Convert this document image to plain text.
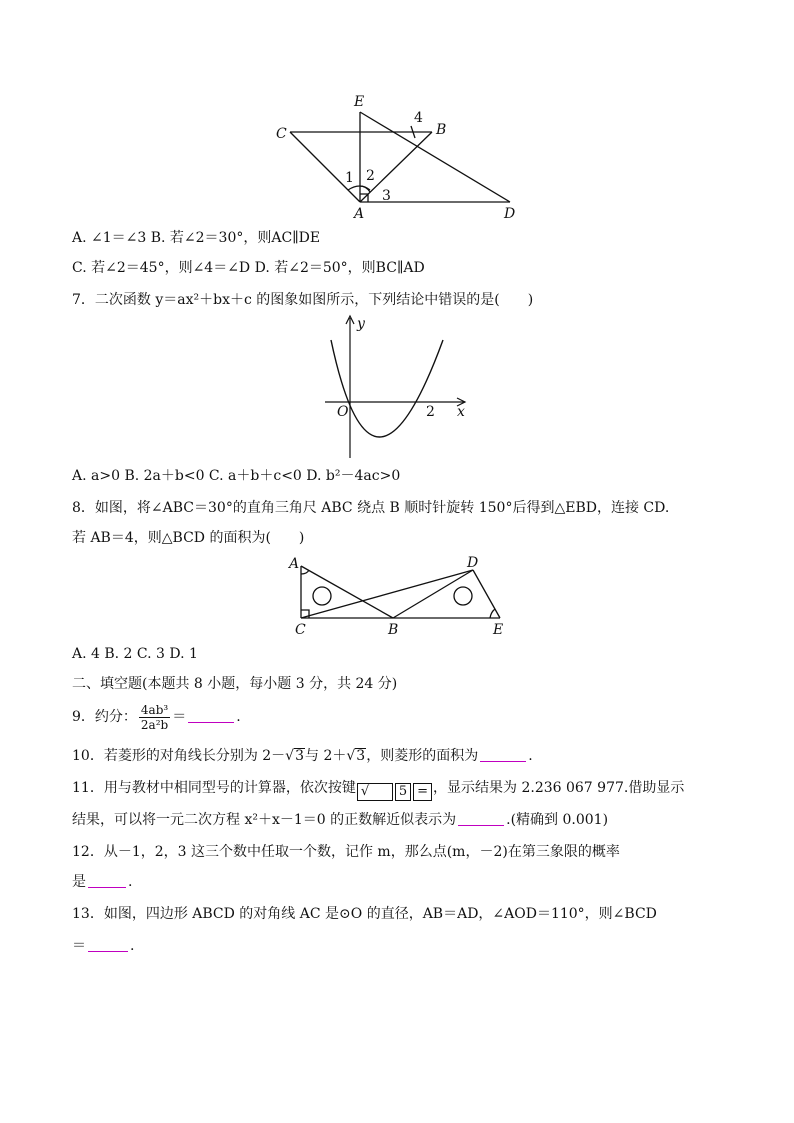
E
4
B
C
1 2
3
A	D
A. ∠1＝∠3 B. 若∠2＝30°，则AC∥DE
C. 若∠2＝45°，则∠4＝∠D D. 若∠2＝50°，则BC∥AD
7．二次函数 y＝ax²＋bx＋c 的图象如图所示，下列结论中错误的是(　　)
y
x
O	2
A. a>0 B. 2a＋b<0 C. a＋b＋c<0 D. b²－4ac>0
8．如图，将∠ABC＝30°的直角三角尺 ABC 绕点 B 顺时针旋转 150°后得到△EBD，连接 CD.
若 AB＝4，则△BCD 的面积为(　　)
A
C	B
D
E
A. 4 B. 2 C. 3 D. 1
二、填空题(本题共 8 小题，每小题 3 分，共 24 分)
9．约分： $\frac{\text{4ab³}}{\text{2a²b}}$ ＝	.
10．若菱形的对角线长分别为 2－√3与 2＋√3，则菱形的面积为	.
11．用与教材中相同型号的计算器，依次按键 √ 5 = ，显示结果为 2.236 067 977.借助显示
结果，可以将一元二次方程 x²＋x－1＝0 的正数解近似表示为	.(精确到 0.001)
12．从－1，2，3 这三个数中任取一个数，记作 m，那么点(m，－2)在第三象限的概率
是	.
13．如图，四边形 ABCD 的对角线 AC 是⊙O 的直径，AB＝AD，∠AOD＝110°，则∠BCD
＝	.
